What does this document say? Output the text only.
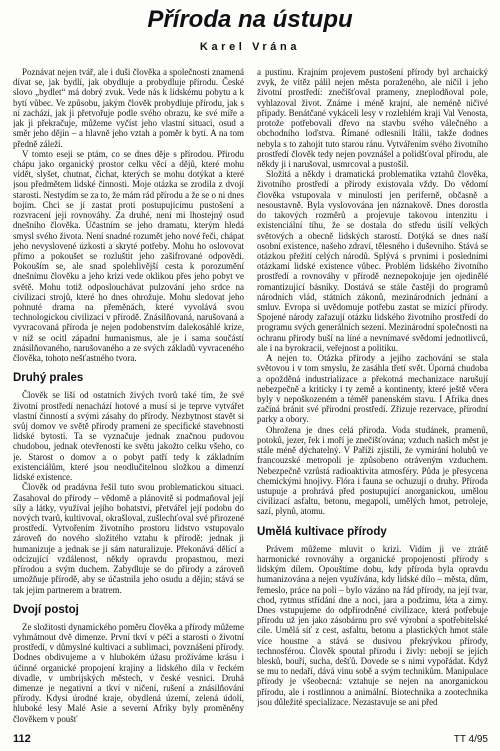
Příroda na ústupu
Karel Vrána

Poznávat nejen tvář, ale i duši člověka a společnosti znamená dívat se, jak bydlí, jak obydluje a probydluje přírodu. České slovo „bydlet“ má dobrý zvuk. Vede nás k lidskému pobytu a k bytí vůbec. Ve způsobu, jakým člověk probydluje přírodu, jak s ní zachází, jak ji přetvořuje podle svého obrazu, ke své míře a jak ji překračuje, můžeme vyčíst jeho vlastní situaci, osud a směr jeho dějin – a hlavně jeho vztah a poměr k bytí. A na tom předně záleží.

V tomto eseji se ptám, co se dnes děje s přírodou. Přírodu chápu jako organický prostor celku věcí a dějů, které mohu vidět, slyšet, chutnat, čichat, kterých se mohu dotýkat a které jsou předmětem lidské činnosti. Moje otázka se zrodila z dvojí starosti. Nestydím se za to, že mám rád přírodu a že se o ni dnes bojím. Chci se jí zastat proti postupujícímu pustošení a rozvracení její rovnováhy. Za druhé, není mi lhostejný osud dnešního člověka. Účastním se jeho dramatu, kterým hledá smysl svého života. Není snadné rozumět jeho nové řeči, chápat jeho nevyslovené úzkosti a skryté potřeby. Mohu ho oslovovat přímo a pokoušet se rozluštit jeho zašifrované odpovědi. Pokouším se, ale snad spolehlivější cesta k porozumění dnešnímu člověku a jeho krizi vede oklikou přes jeho pobyt ve světě. Mohu totiž odposlouchávat pulzování jeho srdce na civilizaci strojů, které ho dnes ohrožuje. Mohu sledovat jeho pohnuté drama na přeměnách, které vyvolává svou technologickou civilizací v přírodě. Znásilňovaná, narušovaná a vyvracovaná příroda je nejen podobenstvím dalekosáhlé krize, v níž se ocitl západní humanismus, ale je i sama součástí znásilňovaného, narušovaného a ze svých základů vyvraceného člověka, tohoto nešťastného tvora.

Druhý prales

Člověk se liší od ostatních živých tvorů také tím, že své životní prostředí nenachází hotové a musí si je teprve vytvářet vlastní činností a svými zásahy do přírody. Nezbytnost stavět si svůj domov ve světě přírody pramení ze specifické stavebnosti lidské bytosti. Ta se vyznačuje jednak značnou pudovou chudobou, jednak otevřeností ke světu jakožto celku všeho, co je. Starost o domov a o pobyt patří tedy k základním existenciálům, které jsou neodlučitelnou složkou a dimenzí lidské existence.

Člověk od pradávna řešil tuto svou problematickou situaci. Zasahoval do přírody – vědomě a plánovitě si podmaňoval její síly a látky, využíval jejího bohatství, přetvářel její podobu do nových tvarů, kultivoval, okrašloval, zušlechťoval své přirozené prostředí. Vytvořením životního prostoru lidstvo vstupovalo zároveň do nového složitého vztahu k přírodě: jednak ji humanizuje a jednak se jí sám naturalizuje. Překonává dělící a odcizující vzdálenost, někdy opravdu propastnou, mezi přírodou a svým duchem. Zabydluje se do přírody a zároveň umožňuje přírodě, aby se účastnila jeho osudu a dějin; stává se tak jejím partnerem a bratrem.

Dvojí postoj

Ze složitosti dynamického poměru člověka a přírody můžeme vyhmátnout dvě dimenze. První tkví v péči a starosti o životní prostředí, v důmyslné kultivaci a sublimaci, povznášení přírody. Dodnes obdivujeme a v hlubokém úžasu prožíváme krásu i účinné organické propojení krajiny a lidského díla v řeckém divadle, v umbrijských městech, v české vesnici. Druhá dimenze je negativní a tkví v ničení, rušení a znásilňování přírody. Kdysi úrodné kraje, obydlená území, zelená údolí, hluboké lesy Malé Asie a severní Afriky byly proměněny člověkem v poušť

a pustinu. Krajním projevem pustošení přírody byl archaický zvyk, že vítěz pálil nejen města poraženého, ale ničil i jeho životní prostředí: znečišťoval prameny, zneplodňoval pole, vyhlazoval život. Známe i méně krajní, ale neméně ničivé případy. Benátčané vykáceli lesy v rozlehlém kraji Val Venosta, protože potřebovali dřevo na stavbu svého válečného a obchodního loďstva. Římané odlesnili Itálii, takže dodnes nebyla s to zahojit tuto starou ránu. Vytvářením svého životního prostředí člověk tedy nejen povznášel a polidšťoval přírodu, ale někdy ji i narušoval, usmrcoval a pustošil.

Složitá a někdy i dramatická problematika vztahů člověka, životního prostředí a přírody existovala vždy. Do vědomí člověka vstupovala v minulosti jen periferně, občasně a nesoustavně. Byla vyslovována jen náznakově. Dnes dorostla do takových rozměrů a projevuje takovou intenzitu i existenciální tíhu, že se dostala do středu úsilí velkých světových a obecně lidských starostí. Dotýká se dnes naší osobní existence, našeho zdraví, tělesného i duševního. Stává se otázkou přežití celých národů. Splývá s prvními i posledními otázkami lidské existence vůbec. Problém lidského životního prostředí a rovnováhy v přírodě neznepokojuje jen ojedinělé romantizující básníky. Dostává se stále častěji do programů národních vlád, státních zákonů, mezinárodních jednání a smluv. Evropa si uvědomuje potřebu zastat se mizící přírody. Spojené národy zařazují otázku lidského životního prostředí do programu svých generálních sezení. Mezinárodní společnosti na ochranu přírody buší na líné a nevnímavé svědomí jednotlivců, ale i na byrokracii, veřejnost a politiku.

A nejen to. Otázka přírody a jejího zachování se stala světovou i v tom smyslu, že zasáhla třetí svět. Úporná chudoba a opožděná industrializace a překotná mechanizace narušují nebezpečně a kriticky i ty země a kontinenty, které ještě včera byly v nepoškozeném a téměř panenském stavu. I Afrika dnes začíná bránit své přírodní prostředí. Zřizuje rezervace, přírodní parky a obory.

Ohrožena je dnes celá příroda. Voda studánek, pramenů, potoků, jezer, řek i moří je znečišťována; vzduch našich měst je stále méně dýchatelný. V Paříži zjistili, že vymírání holubů ve francouzské metropoli je způsobeno otráveným vzduchem. Nebezpečně vzrůstá radioaktivita atmosféry. Půda je přesycena chemickými hnojivy. Flóra i fauna se ochuzují o druhy. Příroda ustupuje a prohrává před postupující anorganickou, umělou civilizací asfaltu, betonu, megapolí, umělých hmot, petroleje, sazí, plynů, atomu.

Umělá kultivace přírody

Právem můžeme mluvit o krizi. Vidím ji ve ztrátě harmonické rovnováhy a organické propojenosti přírody s lidským dílem. Opouštíme dobu, kdy příroda byla opravdu humanizována a nejen využívána, kdy lidské dílo – města, dům, řemeslo, práce na poli – bylo vázáno na řád přírody, na její tvar, chod, rytmus střídání dne a noci, jara a podzimu, léta a zimy. Dnes vstupujeme do odpřírodněné civilizace, která potřebuje přírodu už jen jako zásobárnu pro své výrobní a spotřebitelské cíle. Umělá síť z cest, asfaltu, betonu a plastických hmot stále více houstne a stává se dusivou překrývkou přírody, technosférou. Člověk spoutal přírodu i živly: nebojí se jejích blesků, bouří, sucha, dešťů. Dovede se s nimi vypořádat. Když se mu to nedaří, dává vinu sobě a svým technikům. Manipulace přírody je všeobecná: vztahuje se nejen na anorganickou přírodu, ale i rostlinnou a animální. Biotechnika a zootechnika jsou důležité specializace. Nezastavuje se ani před

112	TT 4/95
